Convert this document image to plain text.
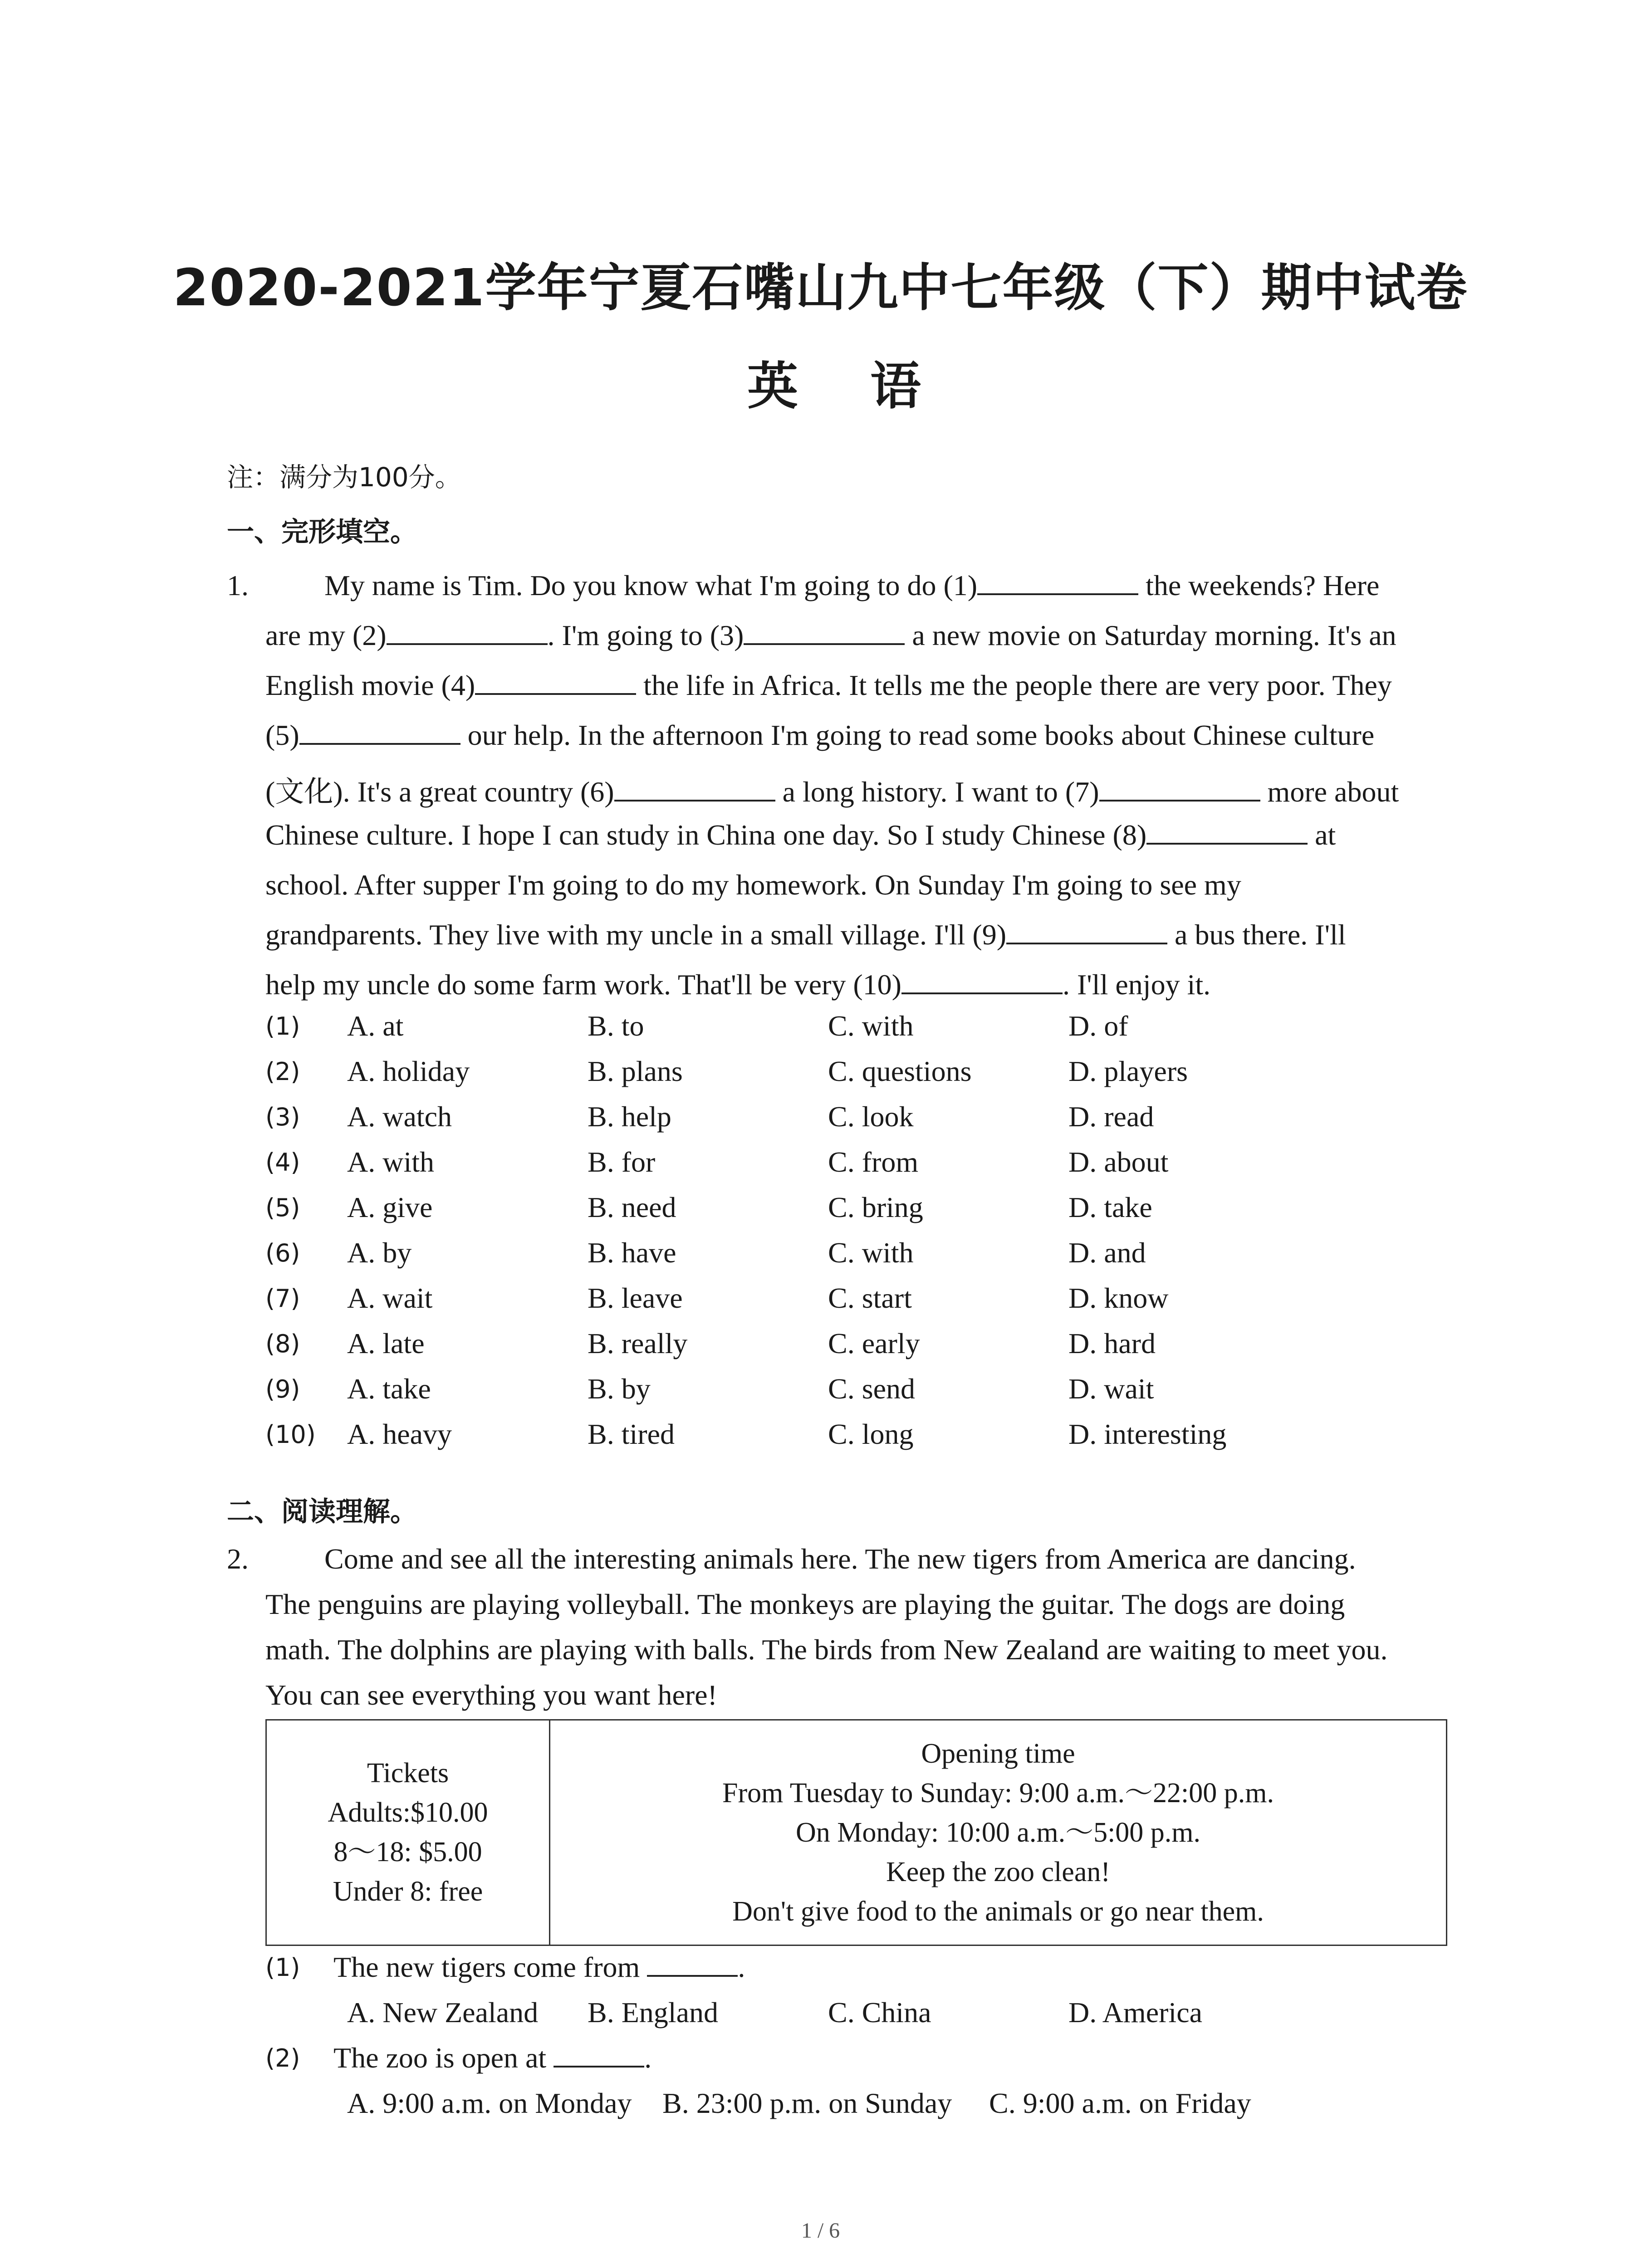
2020-2021学年宁夏石嘴山九中七年级（下）期中试卷
英 语
注：满分为100分。
一、完形填空。
1.	My name is Tim. Do you know what I'm going to do (1)	the weekends? Here
are my (2)	. I'm going to (3)	a new movie on Saturday morning. It's an
English movie (4)	the life in Africa. It tells me the people there are very poor. They
(5)	our help. In the afternoon I'm going to read some books about Chinese culture
(文化). It's a great country (6)	a long history. I want to (7)	more about
Chinese culture. I hope I can study in China one day. So I study Chinese (8)	at
school. After supper I'm going to do my homework. On Sunday I'm going to see my
grandparents. They live with my uncle in a small village. I'll (9)	a bus there. I'll
help my uncle do some farm work. That'll be very (10)	. I'll enjoy it.
(1) A. at	B. to	C. with	D. of
(2) A. holiday	B. plans	C. questions	D. players
(3) A. watch	B. help	C. look	D. read
(4) A. with	B. for	C. from	D. about
(5) A. give	B. need	C. bring	D. take
(6) A. by	B. have	C. with	D. and
(7) A. wait	B. leave	C. start	D. know
(8) A. late	B. really	C. early	D. hard
(9) A. take	B. by	C. send	D. wait
(10) A. heavy	B. tired	C. long	D. interesting
二、阅读理解。
2.	Come and see all the interesting animals here. The new tigers from America are dancing.
The penguins are playing volleyball. The monkeys are playing the guitar. The dogs are doing
math. The dolphins are playing with balls. The birds from New Zealand are waiting to meet you.
You can see everything you want here!
Tickets
Adults:$10.00
8～18: $5.00
Under 8: free

Opening time
From Tuesday to Sunday: 9:00 a.m.～22:00 p.m.
On Monday: 10:00 a.m.～5:00 p.m.
Keep the zoo clean!
Don't give food to the animals or go near them.
(1) The new tigers come from	.
A. New Zealand B. England	C. China	D. America
(2) The zoo is open at	.
A. 9:00 a.m. on Monday B. 23:00 p.m. on Sunday C. 9:00 a.m. on Friday
1 / 6
